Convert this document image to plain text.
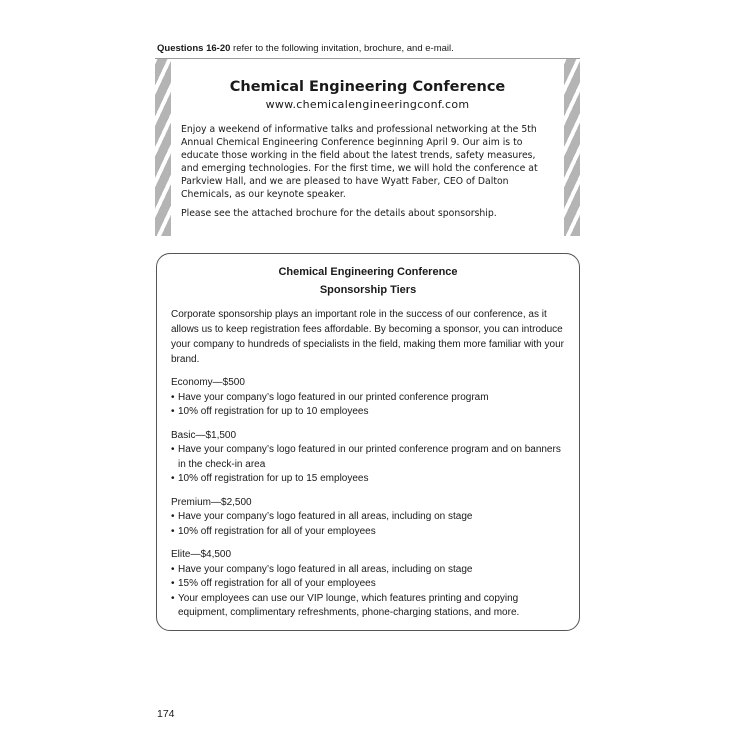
Questions 16-20 refer to the following invitation, brochure, and e-mail.
Chemical Engineering Conference
www.chemicalengineeringconf.com

Enjoy a weekend of informative talks and professional networking at the 5th Annual Chemical Engineering Conference beginning April 9. Our aim is to educate those working in the field about the latest trends, safety measures, and emerging technologies. For the first time, we will hold the conference at Parkview Hall, and we are pleased to have Wyatt Faber, CEO of Dalton Chemicals, as our keynote speaker.

Please see the attached brochure for the details about sponsorship.

Chemical Engineering Conference
Sponsorship Tiers

Corporate sponsorship plays an important role in the success of our conference, as it allows us to keep registration fees affordable. By becoming a sponsor, you can introduce your company to hundreds of specialists in the field, making them more familiar with your brand.

Economy—$500
• Have your company’s logo featured in our printed conference program
• 10% off registration for up to 10 employees
Basic—$1,500
• Have your company’s logo featured in our printed conference program and on banners in the check-in area
• 10% off registration for up to 15 employees
Premium—$2,500
• Have your company’s logo featured in all areas, including on stage
• 10% off registration for all of your employees
Elite—$4,500
• Have your company’s logo featured in all areas, including on stage
• 15% off registration for all of your employees
• Your employees can use our VIP lounge, which features printing and copying equipment, complimentary refreshments, phone-charging stations, and more.
174
